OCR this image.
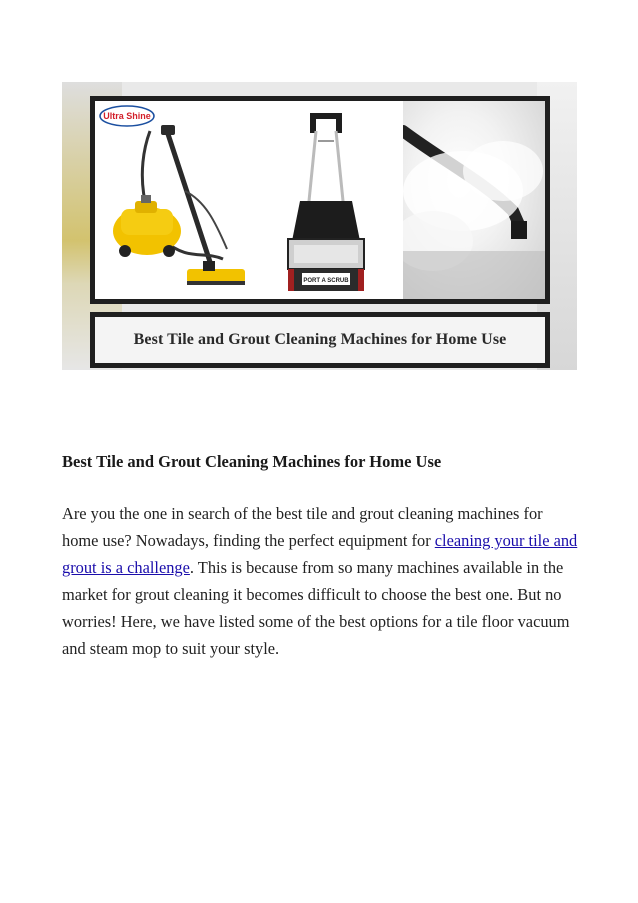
Ultra Shine
PORT A SCRUB
Best Tile and Grout Cleaning Machines for Home Use
Best Tile and Grout Cleaning Machines for Home Use

Are you the one in search of the best tile and grout cleaning machines for home use? Nowadays, finding the perfect equipment for cleaning your tile and grout is a challenge. This is because from so many machines available in the market for grout cleaning it becomes difficult to choose the best one. But no worries! Here, we have listed some of the best options for a tile floor vacuum and steam mop to suit your style.
